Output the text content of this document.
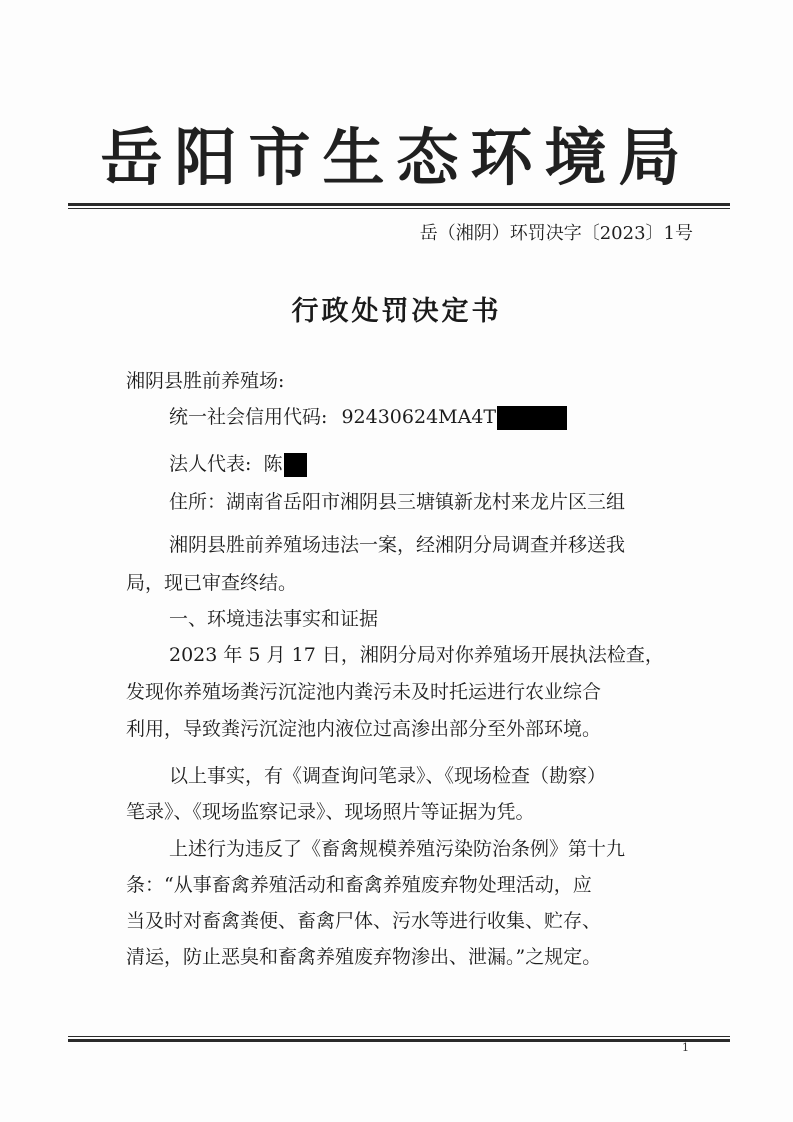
岳阳市生态环境局
岳（湘阴）环罚决字〔2023〕1号
行政处罚决定书
湘阴县胜前养殖场:
统一社会信用代码: 92430624MA4T
法人代表: 陈
住所：湖南省岳阳市湘阴县三塘镇新龙村来龙片区三组
湘阴县胜前养殖场违法一案，经湘阴分局调查并移送我
局，现已审查终结。
一、环境违法事实和证据
2023 年 5 月 17 日，湘阴分局对你养殖场开展执法检查，
发现你养殖场粪污沉淀池内粪污未及时托运进行农业综合
利用，导致粪污沉淀池内液位过高渗出部分至外部环境。
以上事实，有《调查询问笔录》、《现场检查（勘察）
笔录》、《现场监察记录》、现场照片等证据为凭。
上述行为违反了《畜禽规模养殖污染防治条例》第十九
条：“从事畜禽养殖活动和畜禽养殖废弃物处理活动，应
当及时对畜禽粪便、畜禽尸体、污水等进行收集、贮存、
清运，防止恶臭和畜禽养殖废弃物渗出、泄漏。”之规定。
1
